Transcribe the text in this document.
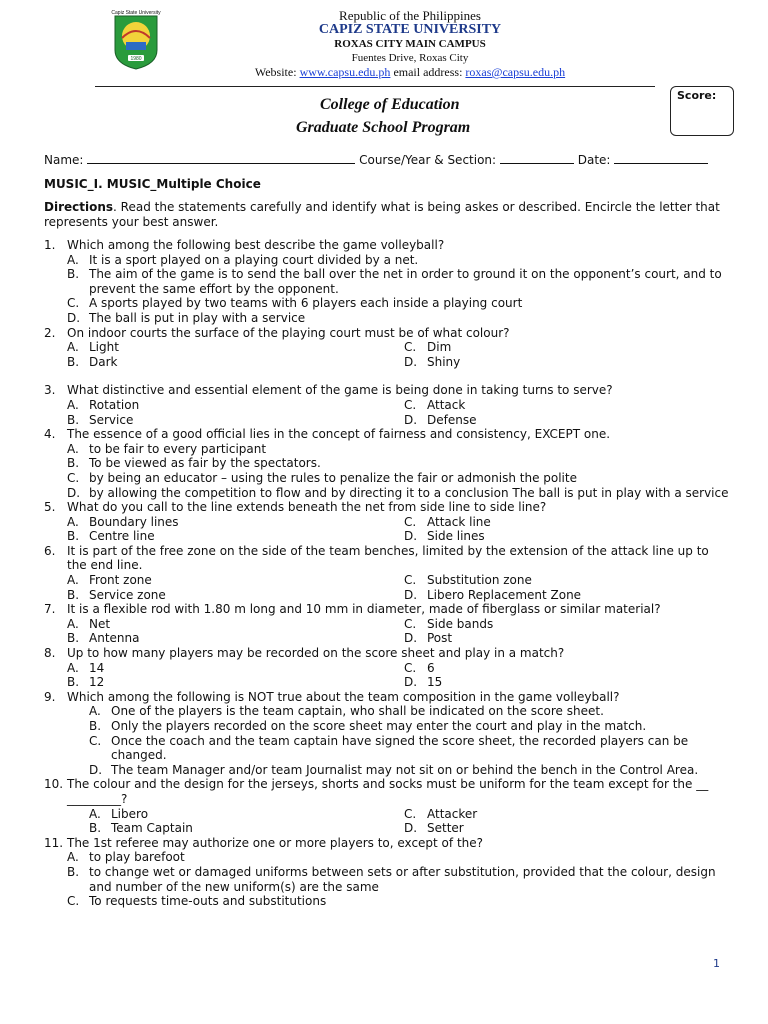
Capiz State University
1980
Republic of the Philippines
CAPIZ STATE UNIVERSITY
ROXAS CITY MAIN CAMPUS
Fuentes Drive, Roxas City
Website: www.capsu.edu.ph email address: roxas@capsu.edu.ph
Score:
College of Education
Graduate School Program
Name:	Course/Year & Section:	Date:
MUSIC_I. MUSIC_Multiple Choice
Directions. Read the statements carefully and identify what is being askes or described. Encircle the letter that represents your best answer.
1. Which among the following best describe the game volleyball?
A. It is a sport played on a playing court divided by a net.
B. The aim of the game is to send the ball over the net in order to ground it on the opponent’s court, and to prevent the same effort by the opponent.
C. A sports played by two teams with 6 players each inside a playing court
D. The ball is put in play with a service
2. On indoor courts the surface of the playing court must be of what colour?
A. Light	C. Dim
B. Dark	D. Shiny
3. What distinctive and essential element of the game is being done in taking turns to serve?
A. Rotation	C. Attack
B. Service	D. Defense
4. The essence of a good official lies in the concept of fairness and consistency, EXCEPT one.
A. to be fair to every participant
B. To be viewed as fair by the spectators.
C. by being an educator – using the rules to penalize the fair or admonish the polite
D. by allowing the competition to flow and by directing it to a conclusion The ball is put in play with a service
5. What do you call to the line extends beneath the net from side line to side line?
A. Boundary lines	C. Attack line
B. Centre line	D. Side lines
6. It is part of the free zone on the side of the team benches, limited by the extension of the attack line up to the end line.
A. Front zone	C. Substitution zone
B. Service zone	D. Libero Replacement Zone
7. It is a flexible rod with 1.80 m long and 10 mm in diameter, made of fiberglass or similar material?
A. Net	C. Side bands
B. Antenna	D. Post
8. Up to how many players may be recorded on the score sheet and play in a match?
A. 14	C. 6
B. 12	D. 15
9. Which among the following is NOT true about the team composition in the game volleyball?
A. One of the players is the team captain, who shall be indicated on the score sheet.
B. Only the players recorded on the score sheet may enter the court and play in the match.
C. Once the coach and the team captain have signed the score sheet, the recorded players can be changed.
D. The team Manager and/or team Journalist may not sit on or behind the bench in the Control Area.
10. The colour and the design for the jerseys, shorts and socks must be uniform for the team except for the __ _________?
A. Libero	C. Attacker
B. Team Captain	D. Setter
11. The 1st referee may authorize one or more players to, except of the?
A. to play barefoot
B. to change wet or damaged uniforms between sets or after substitution, provided that the colour, design and number of the new uniform(s) are the same
C. To requests time-outs and substitutions
1
